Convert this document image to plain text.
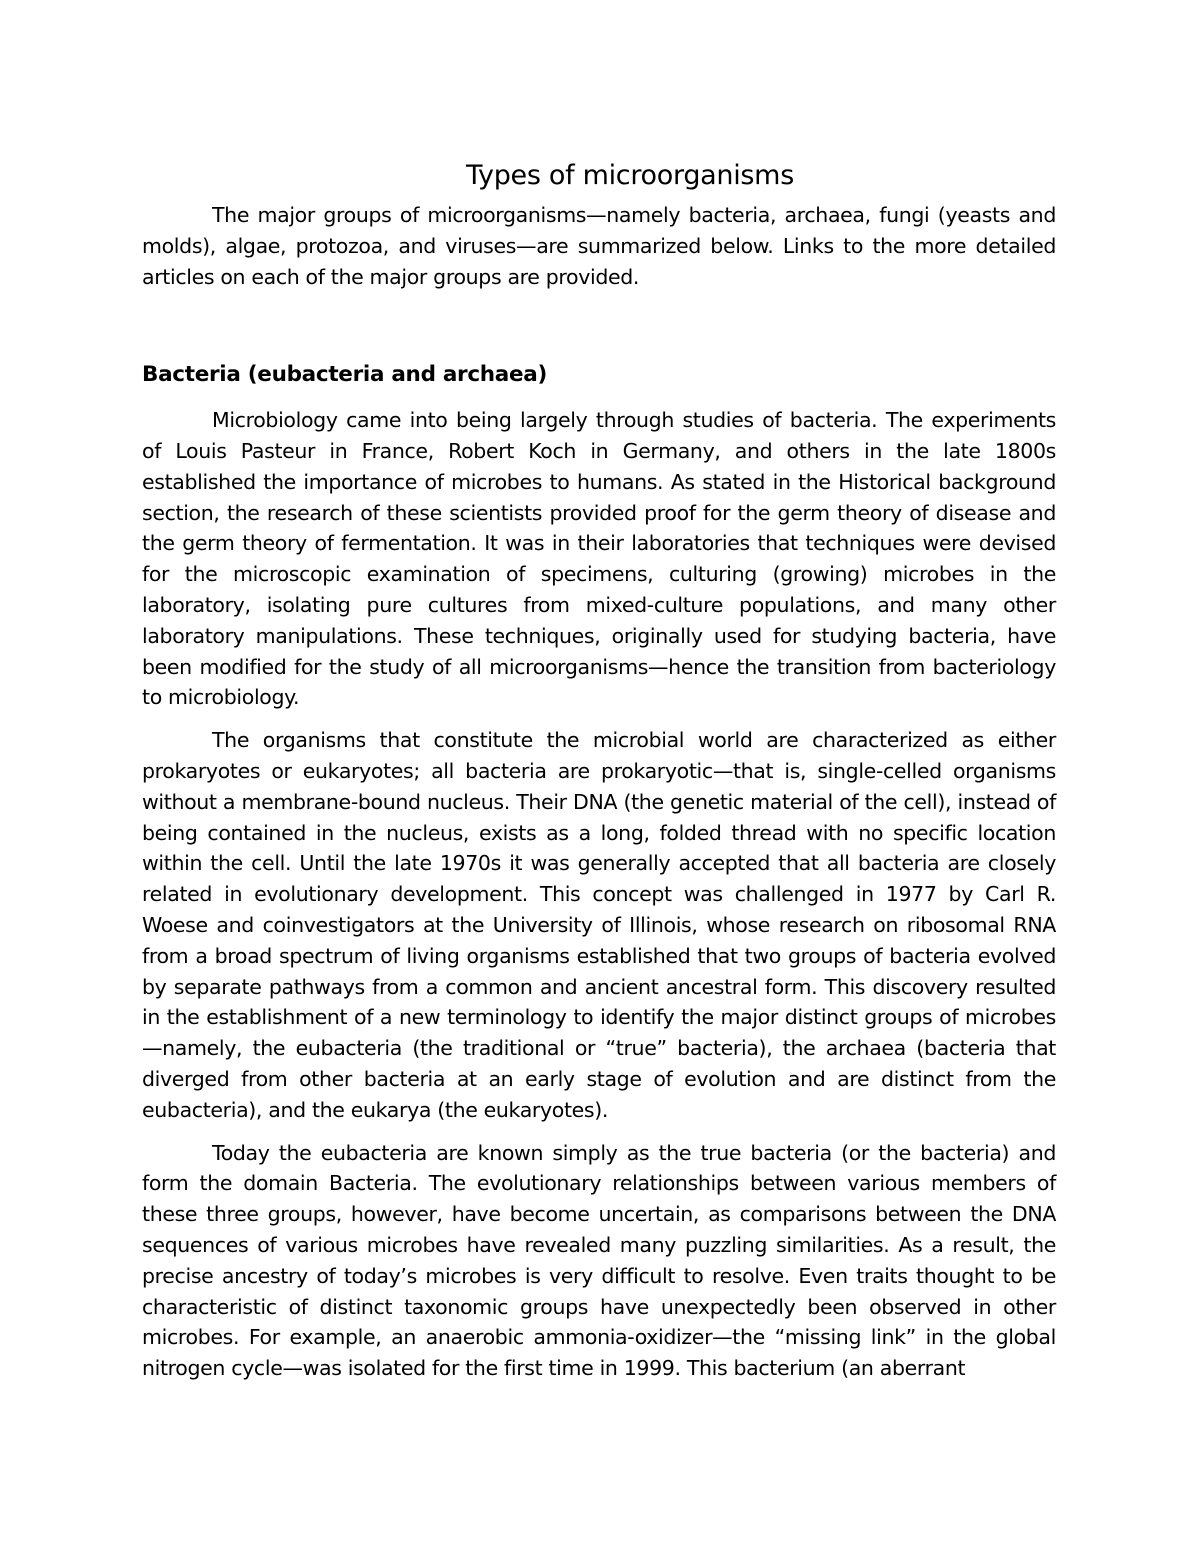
Types of microorganisms

The major groups of microorganisms—namely bacteria, archaea, fungi (yeasts and molds), algae, protozoa, and viruses—are summarized below. Links to the more detailed articles on each of the major groups are provided.

Bacteria (eubacteria and archaea)

Microbiology came into being largely through studies of bacteria. The experiments of Louis Pasteur in France, Robert Koch in Germany, and others in the late 1800s established the importance of microbes to humans. As stated in the Historical background section, the research of these scientists provided proof for the germ theory of disease and the germ theory of fermentation. It was in their laboratories that techniques were devised for the microscopic examination of specimens, culturing (growing) microbes in the laboratory, isolating pure cultures from mixed-culture populations, and many other laboratory manipulations. These techniques, originally used for studying bacteria, have been modified for the study of all microorganisms—hence the transition from bacteriology to microbiology.

The organisms that constitute the microbial world are characterized as either prokaryotes or eukaryotes; all bacteria are prokaryotic—that is, single-celled organisms without a membrane-bound nucleus. Their DNA (the genetic material of the cell), instead of being contained in the nucleus, exists as a long, folded thread with no specific location within the cell. Until the late 1970s it was generally accepted that all bacteria are closely related in evolutionary development. This concept was challenged in 1977 by Carl R. Woese and coinvestigators at the University of Illinois, whose research on ribosomal RNA from a broad spectrum of living organisms established that two groups of bacteria evolved by separate pathways from a common and ancient ancestral form. This discovery resulted in the establishment of a new terminology to identify the major distinct groups of microbes—namely, the eubacteria (the traditional or “true” bacteria), the archaea (bacteria that diverged from other bacteria at an early stage of evolution and are distinct from the eubacteria), and the eukarya (the eukaryotes).

Today the eubacteria are known simply as the true bacteria (or the bacteria) and form the domain Bacteria. The evolutionary relationships between various members of these three groups, however, have become uncertain, as comparisons between the DNA sequences of various microbes have revealed many puzzling similarities. As a result, the precise ancestry of today’s microbes is very difficult to resolve. Even traits thought to be characteristic of distinct taxonomic groups have unexpectedly been observed in other microbes. For example, an anaerobic ammonia-oxidizer—the “missing link” in the global nitrogen cycle—was isolated for the first time in 1999. This bacterium (an aberrant
